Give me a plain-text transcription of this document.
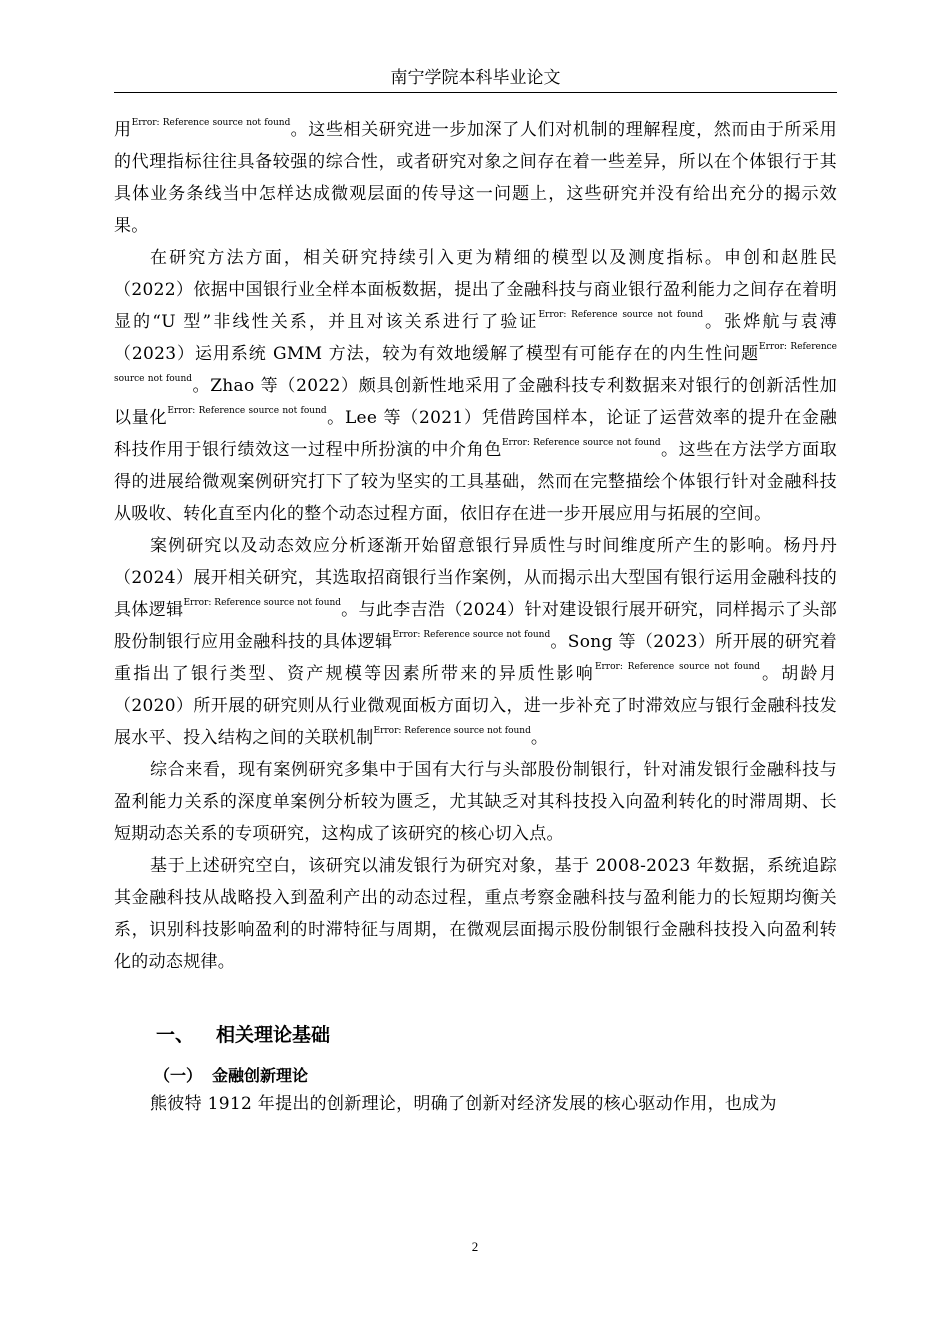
南宁学院本科毕业论文

用$^{Error: Reference source not found}$。这些相关研究进一步加深了人们对机制的理解程度，然而由于所采用的代理指标往往具备较强的综合性，或者研究对象之间存在着一些差异，所以在个体银行于其具体业务条线当中怎样达成微观层面的传导这一问题上，这些研究并没有给出充分的揭示效果。

在研究方法方面，相关研究持续引入更为精细的模型以及测度指标。申创和赵胜民（2022）依据中国银行业全样本面板数据，提出了金融科技与商业银行盈利能力之间存在着明显的“U 型”非线性关系，并且对该关系进行了验证$^{Error: Reference source not found}$。张烨航与袁溥（2023）运用系统 GMM 方法，较为有效地缓解了模型有可能存在的内生性问题$^{Error: Reference source not found}$。Zhao 等（2022）颇具创新性地采用了金融科技专利数据来对银行的创新活性加以量化$^{Error: Reference source not found}$。Lee 等（2021）凭借跨国样本，论证了运营效率的提升在金融科技作用于银行绩效这一过程中所扮演的中介角色$^{Error: Reference source not found}$。这些在方法学方面取得的进展给微观案例研究打下了较为坚实的工具基础，然而在完整描绘个体银行针对金融科技从吸收、转化直至内化的整个动态过程方面，依旧存在进一步开展应用与拓展的空间。

案例研究以及动态效应分析逐渐开始留意银行异质性与时间维度所产生的影响。杨丹丹（2024）展开相关研究，其选取招商银行当作案例，从而揭示出大型国有银行运用金融科技的具体逻辑$^{Error: Reference source not found}$。与此李吉浩（2024）针对建设银行展开研究，同样揭示了头部股份制银行应用金融科技的具体逻辑$^{Error: Reference source not found}$。Song 等（2023）所开展的研究着重指出了银行类型、资产规模等因素所带来的异质性影响$^{Error: Reference source not found}$。胡龄月（2020）所开展的研究则从行业微观面板方面切入，进一步补充了时滞效应与银行金融科技发展水平、投入结构之间的关联机制$^{Error: Reference source not found}$。

综合来看，现有案例研究多集中于国有大行与头部股份制银行，针对浦发银行金融科技与盈利能力关系的深度单案例分析较为匮乏，尤其缺乏对其科技投入向盈利转化的时滞周期、长短期动态关系的专项研究，这构成了该研究的核心切入点。

基于上述研究空白，该研究以浦发银行为研究对象，基于 2008-2023 年数据，系统追踪其金融科技从战略投入到盈利产出的动态过程，重点考察金融科技与盈利能力的长短期均衡关系，识别科技影响盈利的时滞特征与周期，在微观层面揭示股份制银行金融科技投入向盈利转化的动态规律。

一、 相关理论基础
（一） 金融创新理论

熊彼特 1912 年提出的创新理论，明确了创新对经济发展的核心驱动作用，也成为

2
